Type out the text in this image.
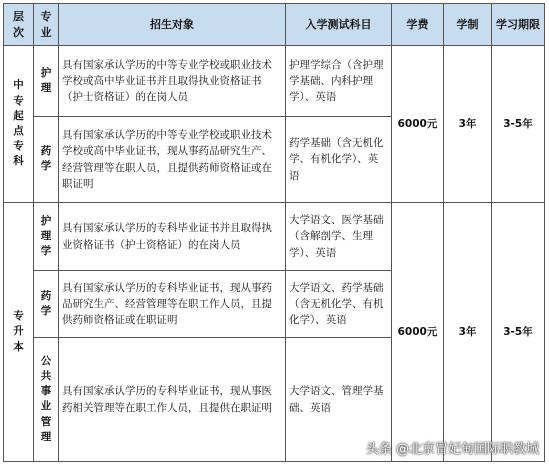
层次	专业	招生对象	入学测试科目	学费	学制	学习期限
中专起点专科	护理	具有国家承认学历的中等专业学校或职业技术学校或高中毕业证书并且取得执业资格证书（护士资格证）的在岗人员	护理学综合（含护理学基础、内科护理学）、英语	6000元	3年	3-5年
	药学	具有国家承认学历的中等专业学校或职业技术学校或高中毕业证书，现从事药品研究生产、经营管理等在职人员，且提供药师资格证或在职证明	药学基础（含无机化学、有机化学）、英语			
专升本	护理学	具有国家承认学历的专科毕业证书并且取得执业资格证书（护士资格证）的在岗人员	大学语文、医学基础（含解剖学、生理学）、英语	6000元	3年	3-5年
	药学	具有国家承认学历的专科毕业证书，现从事药品研究生产、经营管理等在职工作人员，且提供药师资格证或在职证明	大学语文、药学基础（含无机化学、有机化学）、英语			
	公共事业管理	具有国家承认学历的专科毕业证书，现从事医药相关管理等在职工作人员，且提供在职证明	大学语文、管理学基础、英语			
头条 @北京冒妃甸国际职教城
